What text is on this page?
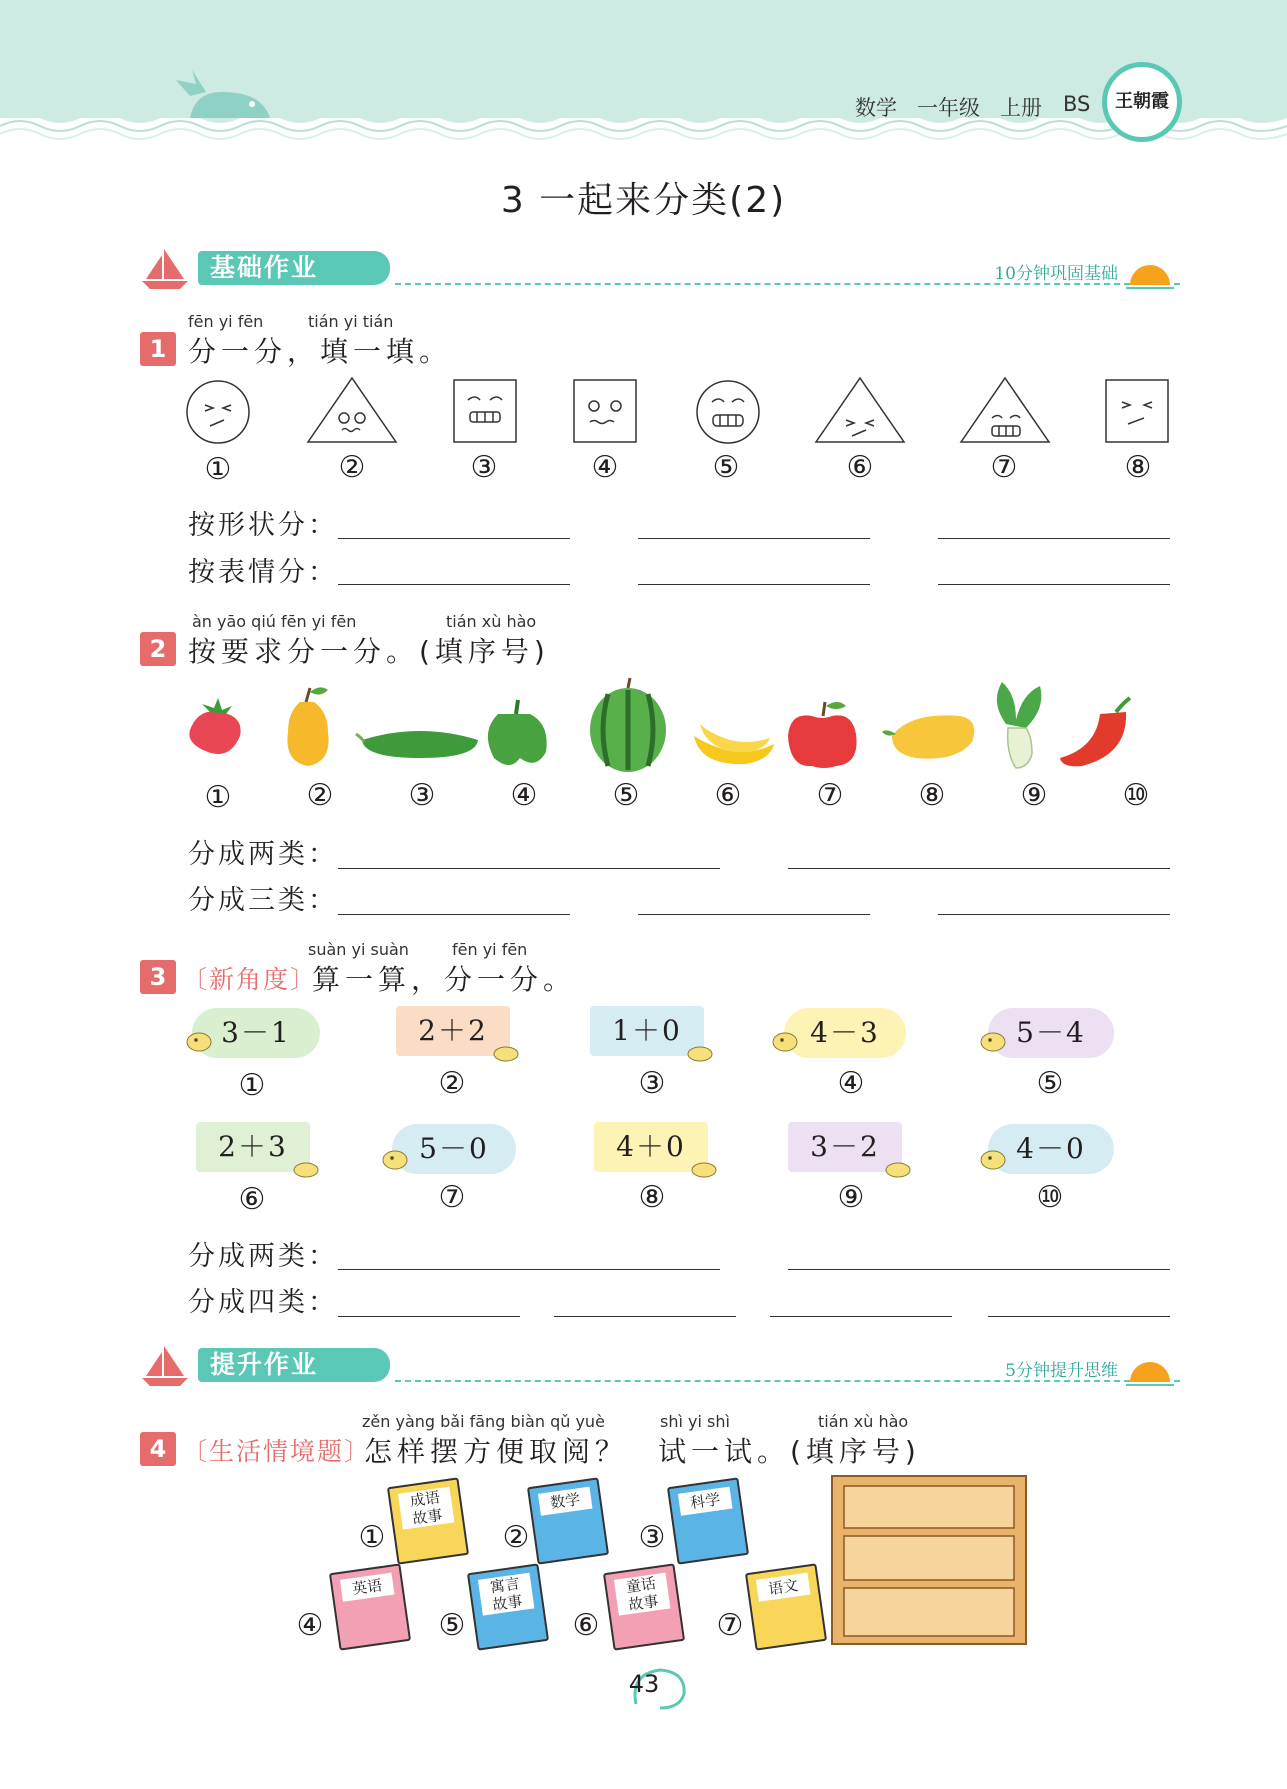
数学 一年级 上册 BS	王朝霞
3 一起来分类(2)
基础作业	10分钟巩固基础
fēn yi fēn	tián yi tián
1 分一分，填一填。
①	②	③	④	⑤	⑥	⑦	⑧
按形状分：
按表情分：
àn yāo qiú fēn yi fēn	tián xù hào
2 按要求分一分。(填序号)
①	②	③	④	⑤	⑥	⑦	⑧	⑨	⑩
分成两类：
分成三类：
suàn yi suàn	fēn yi fēn
3 〔新角度〕
算一算，分一分。
3－1	2＋2	1＋0	4－3	5－4
2＋3	5－0	4＋0	3－2	4－0
①	②	③	④	⑤
⑥	⑦	⑧	⑨	⑩
分成两类：
分成四类：
提升作业	5分钟提升思维
zěn yàng bǎi fāng biàn qǔ yuè	shì yi shì	tián xù hào
4 〔生活情境题〕
怎样摆方便取阅？ 试一试。(填序号)
①
成语
故事
②
数学
③
科学
④
英语
⑤
寓言
故事
⑥
童话
故事
⑦
语文
43
